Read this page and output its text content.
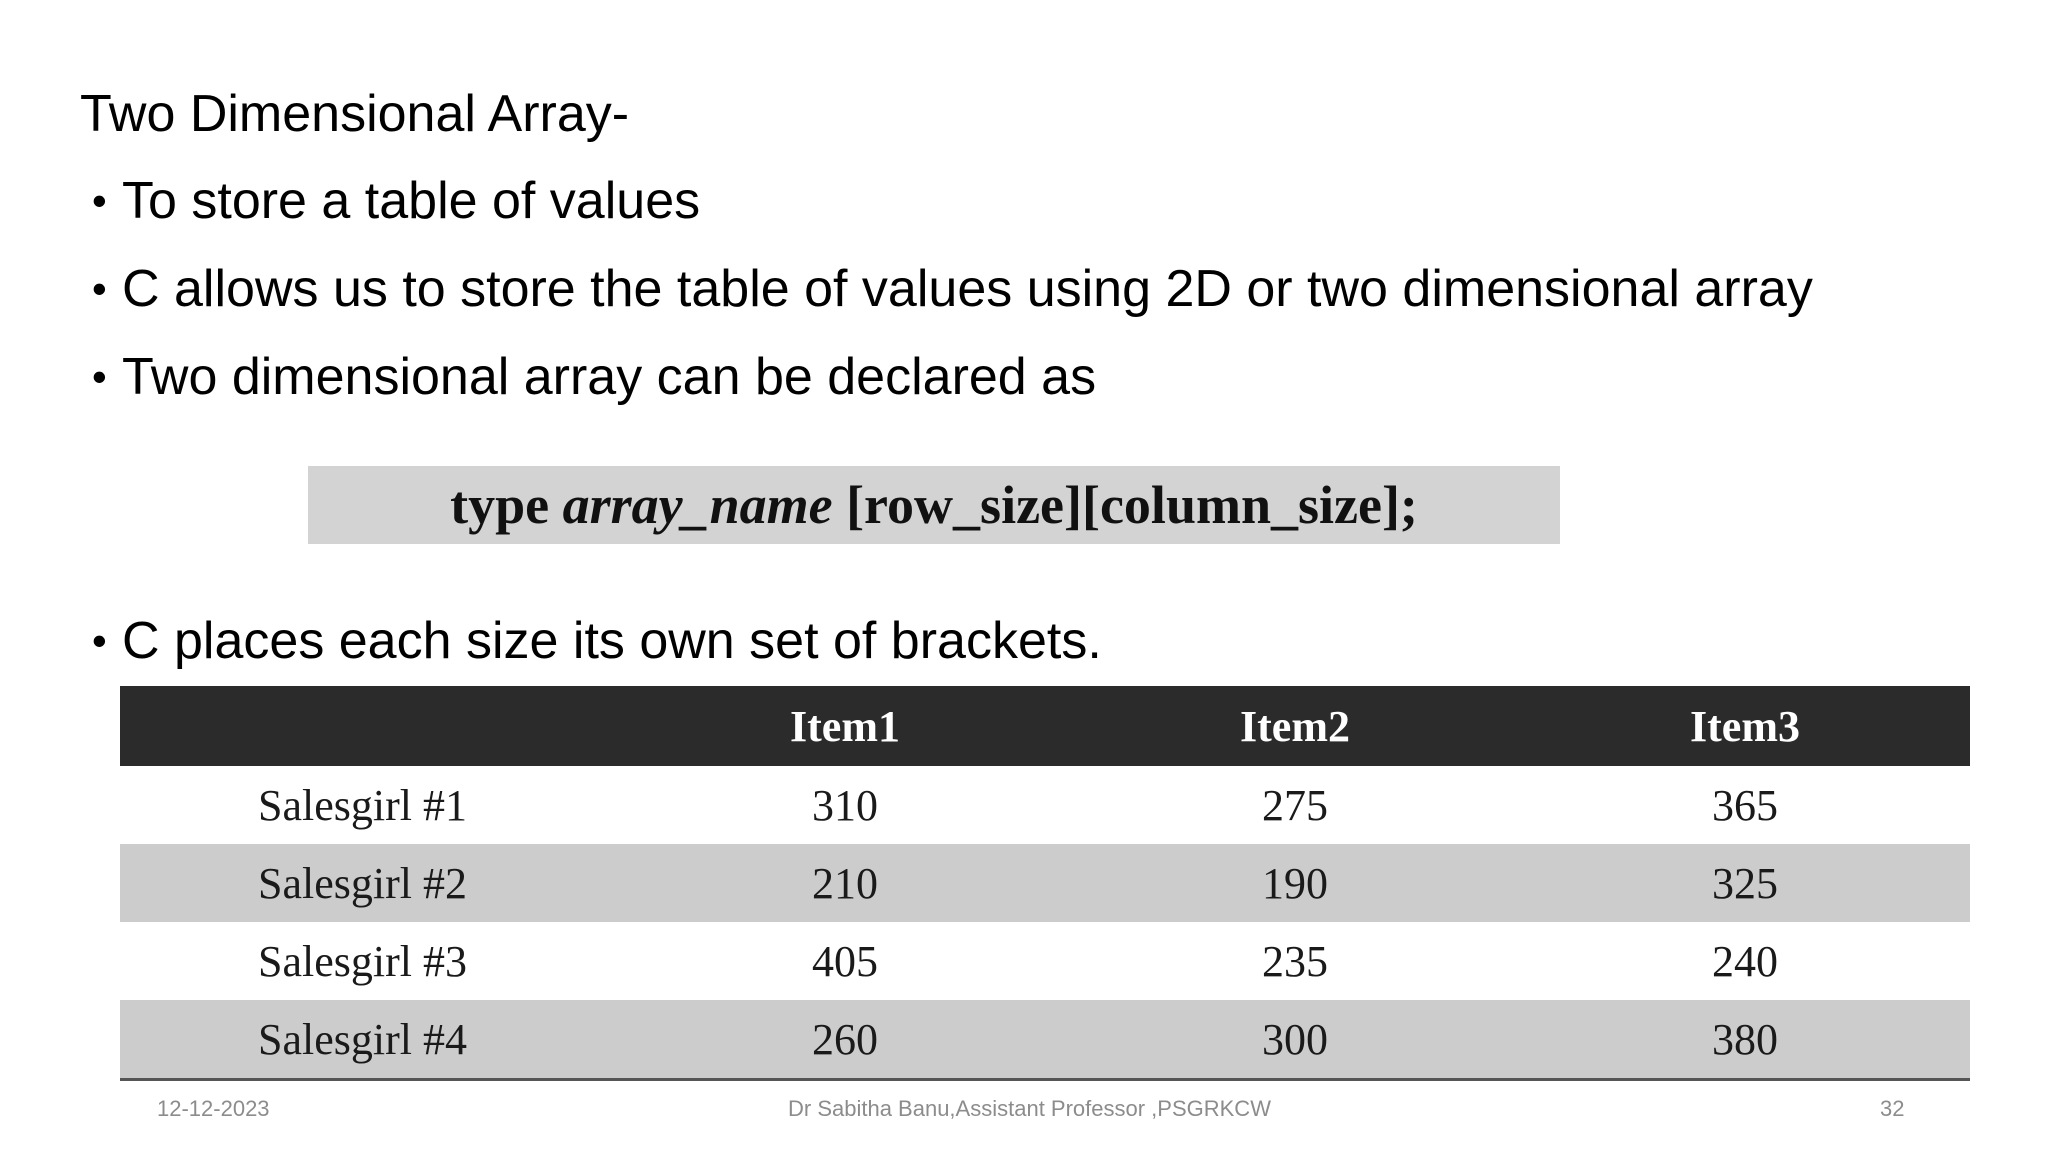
Two Dimensional Array-
• To store a table of values
• C allows us to store the table of values using 2D or two dimensional array
• Two dimensional array can be declared as
type array_name [row_size][column_size];
• C places each size its own set of brackets.
	Item1	Item2	Item3
Salesgirl #1	310	275	365
Salesgirl #2	210	190	325
Salesgirl #3	405	235	240
Salesgirl #4	260	300	380
12-12-2023	Dr Sabitha Banu,Assistant Professor ,PSGRKCW	32
